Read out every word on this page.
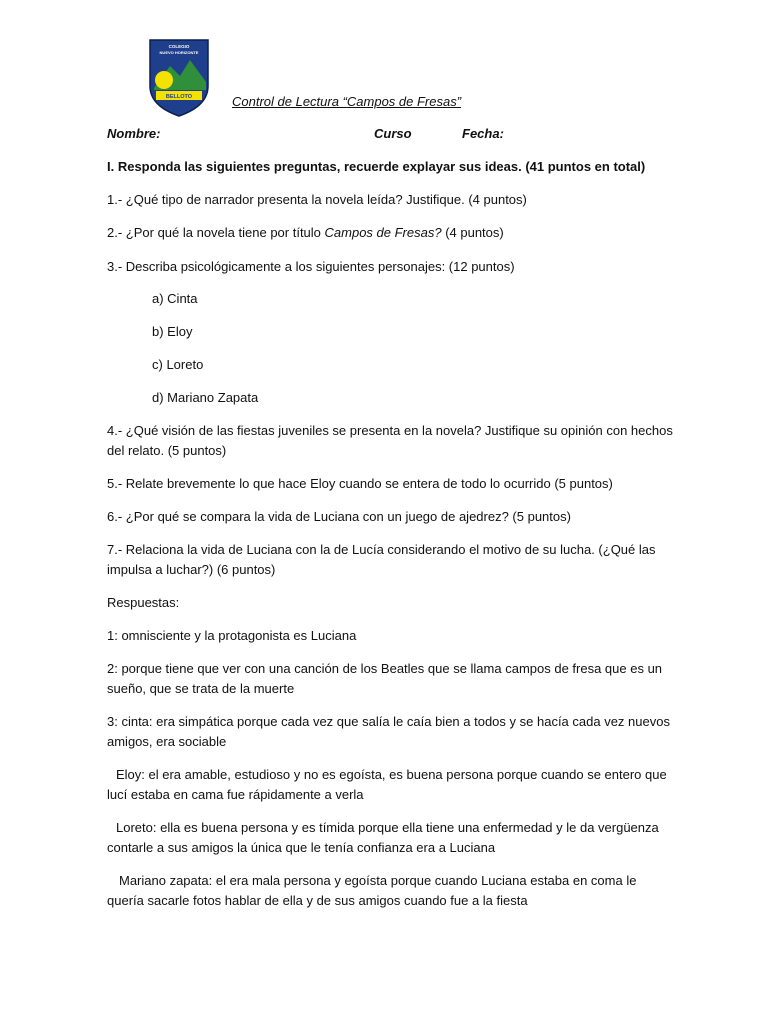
COLEGIO
NUEVO HORIZONTE
BELLOTO	Control de Lectura “Campos de Fresas”
Nombre:	Curso	Fecha:
I. Responda las siguientes preguntas, recuerde explayar sus ideas. (41 puntos en total)
1.- ¿Qué tipo de narrador presenta la novela leída? Justifique. (4 puntos)
2.- ¿Por qué la novela tiene por título Campos de Fresas? (4 puntos)
3.- Describa psicológicamente a los siguientes personajes: (12 puntos)
a) Cinta
b) Eloy
c) Loreto
d) Mariano Zapata
4.- ¿Qué visión de las fiestas juveniles se presenta en la novela? Justifique su opinión con hechos
del relato. (5 puntos)
5.- Relate brevemente lo que hace Eloy cuando se entera de todo lo ocurrido (5 puntos)
6.- ¿Por qué se compara la vida de Luciana con un juego de ajedrez? (5 puntos)
7.- Relaciona la vida de Luciana con la de Lucía considerando el motivo de su lucha. (¿Qué las
impulsa a luchar?) (6 puntos)
Respuestas:
1: omnisciente y la protagonista es Luciana
2: porque tiene que ver con una canción de los Beatles que se llama campos de fresa que es un
sueño, que se trata de la muerte
3: cinta: era simpática porque cada vez que salía le caía bien a todos y se hacía cada vez nuevos
amigos, era sociable
Eloy: el era amable, estudioso y no es egoísta, es buena persona porque cuando se entero que
lucí estaba en cama fue rápidamente a verla
Loreto: ella es buena persona y es tímida porque ella tiene una enfermedad y le da vergüenza
contarle a sus amigos la única que le tenía confianza era a Luciana
Mariano zapata: el era mala persona y egoísta porque cuando Luciana estaba en coma le
quería sacarle fotos hablar de ella y de sus amigos cuando fue a la fiesta
